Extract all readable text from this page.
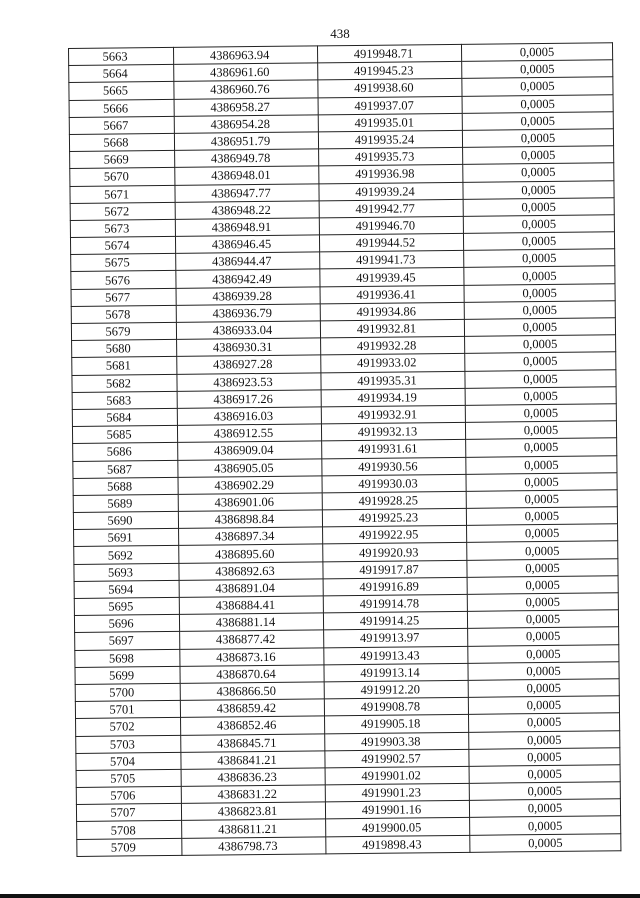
438
5663	4386963.94	4919948.71	0,0005
5664	4386961.60	4919945.23	0,0005
5665	4386960.76	4919938.60	0,0005
5666	4386958.27	4919937.07	0,0005
5667	4386954.28	4919935.01	0,0005
5668	4386951.79	4919935.24	0,0005
5669	4386949.78	4919935.73	0,0005
5670	4386948.01	4919936.98	0,0005
5671	4386947.77	4919939.24	0,0005
5672	4386948.22	4919942.77	0,0005
5673	4386948.91	4919946.70	0,0005
5674	4386946.45	4919944.52	0,0005
5675	4386944.47	4919941.73	0,0005
5676	4386942.49	4919939.45	0,0005
5677	4386939.28	4919936.41	0,0005
5678	4386936.79	4919934.86	0,0005
5679	4386933.04	4919932.81	0,0005
5680	4386930.31	4919932.28	0,0005
5681	4386927.28	4919933.02	0,0005
5682	4386923.53	4919935.31	0,0005
5683	4386917.26	4919934.19	0,0005
5684	4386916.03	4919932.91	0,0005
5685	4386912.55	4919932.13	0,0005
5686	4386909.04	4919931.61	0,0005
5687	4386905.05	4919930.56	0,0005
5688	4386902.29	4919930.03	0,0005
5689	4386901.06	4919928.25	0,0005
5690	4386898.84	4919925.23	0,0005
5691	4386897.34	4919922.95	0,0005
5692	4386895.60	4919920.93	0,0005
5693	4386892.63	4919917.87	0,0005
5694	4386891.04	4919916.89	0,0005
5695	4386884.41	4919914.78	0,0005
5696	4386881.14	4919914.25	0,0005
5697	4386877.42	4919913.97	0,0005
5698	4386873.16	4919913.43	0,0005
5699	4386870.64	4919913.14	0,0005
5700	4386866.50	4919912.20	0,0005
5701	4386859.42	4919908.78	0,0005
5702	4386852.46	4919905.18	0,0005
5703	4386845.71	4919903.38	0,0005
5704	4386841.21	4919902.57	0,0005
5705	4386836.23	4919901.02	0,0005
5706	4386831.22	4919901.23	0,0005
5707	4386823.81	4919901.16	0,0005
5708	4386811.21	4919900.05	0,0005
5709	4386798.73	4919898.43	0,0005
